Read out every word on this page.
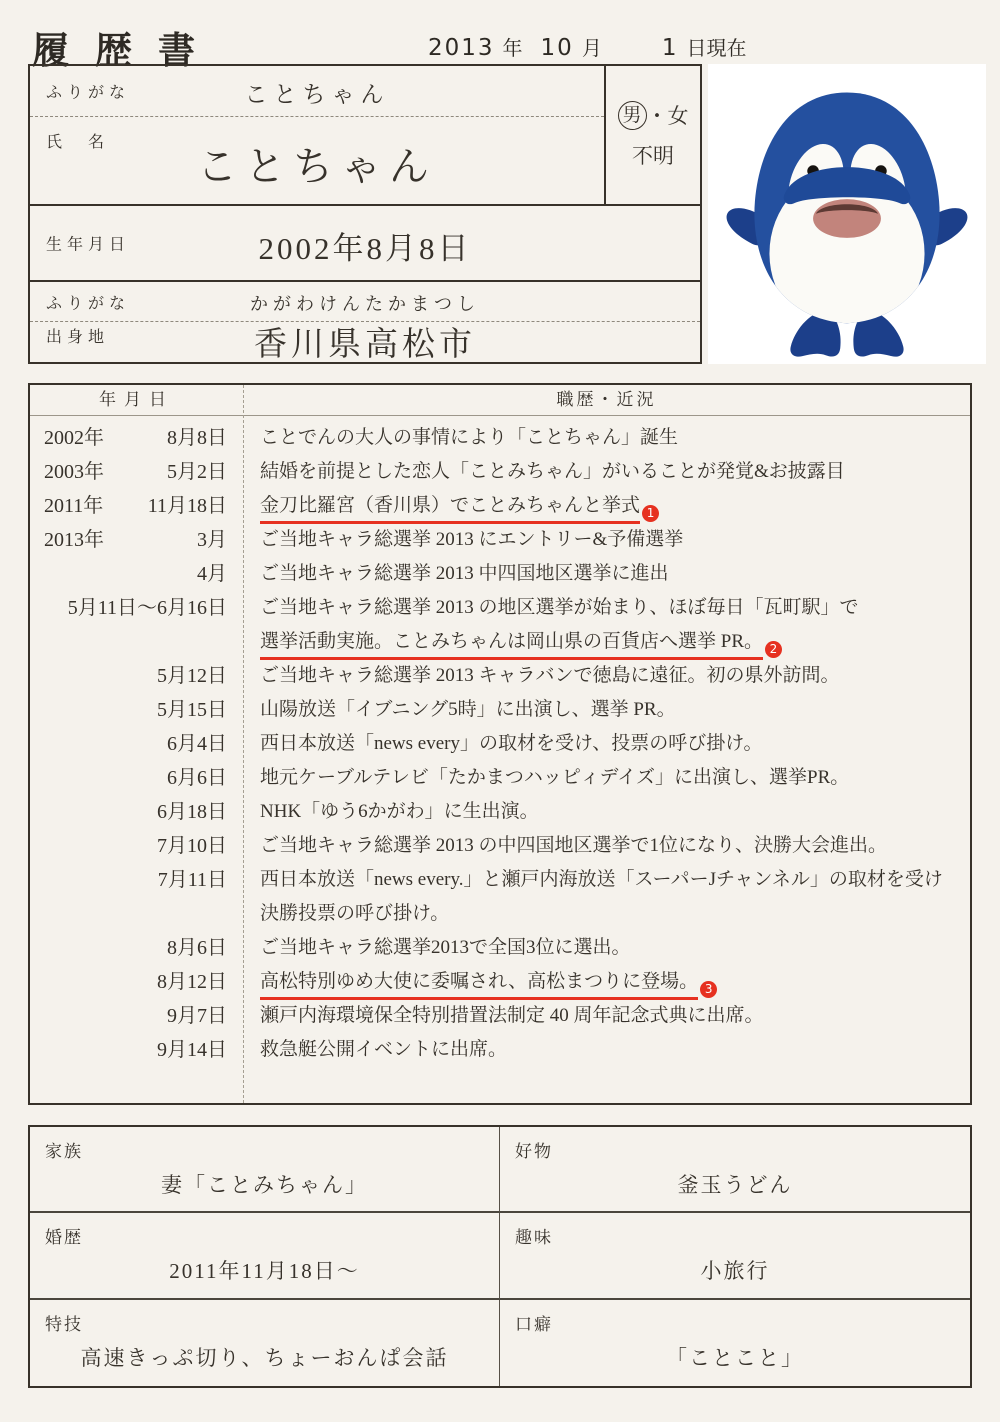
履歴書	2013 年 10 月	1 日現在
ふりがな	ことちゃん
氏　名
ことちゃん
男 ・ 女
不明
生年月日	2002年8月8日
ふりがな	かがわけんたかまつし
出身地	香川県高松市
年月日	職歴・近況
2002年	8月8日 ことでんの大人の事情により「ことちゃん」誕生
2003年	5月2日 結婚を前提とした恋人「ことみちゃん」がいることが発覚&お披露目
2011年 11月18日 金刀比羅宮（香川県）でことみちゃんと挙式 1
2013年	3月 ご当地キャラ総選挙 2013 にエントリー&予備選挙
4月 ご当地キャラ総選挙 2013 中四国地区選挙に進出
5月11日～6月16日 ご当地キャラ総選挙 2013 の地区選挙が始まり、ほぼ毎日「瓦町駅」で
選挙活動実施。ことみちゃんは岡山県の百貨店へ選挙 PR。 2
5月12日 ご当地キャラ総選挙 2013 キャラバンで徳島に遠征。初の県外訪問。
5月15日 山陽放送「イブニング5時」に出演し、選挙 PR。
6月4日 西日本放送「news every」の取材を受け、投票の呼び掛け。
6月6日 地元ケーブルテレビ「たかまつハッピィデイズ」に出演し、選挙PR。
6月18日 NHK「ゆう6かがわ」に生出演。
7月10日 ご当地キャラ総選挙 2013 の中四国地区選挙で1位になり、決勝大会進出。
7月11日 西日本放送「news every.」と瀬戸内海放送「スーパーJチャンネル」の取材を受け
決勝投票の呼び掛け。
8月6日 ご当地キャラ総選挙2013で全国3位に選出。
8月12日 高松特別ゆめ大使に委嘱され、高松まつりに登場。 3
9月7日 瀬戸内海環境保全特別措置法制定 40 周年記念式典に出席。
9月14日 救急艇公開イベントに出席。
家族
妻「ことみちゃん」
好物
釜玉うどん
婚歴
2011年11月18日～
趣味
小旅行
特技
高速きっぷ切り、ちょーおんぱ会話
口癖
「ことこと」
